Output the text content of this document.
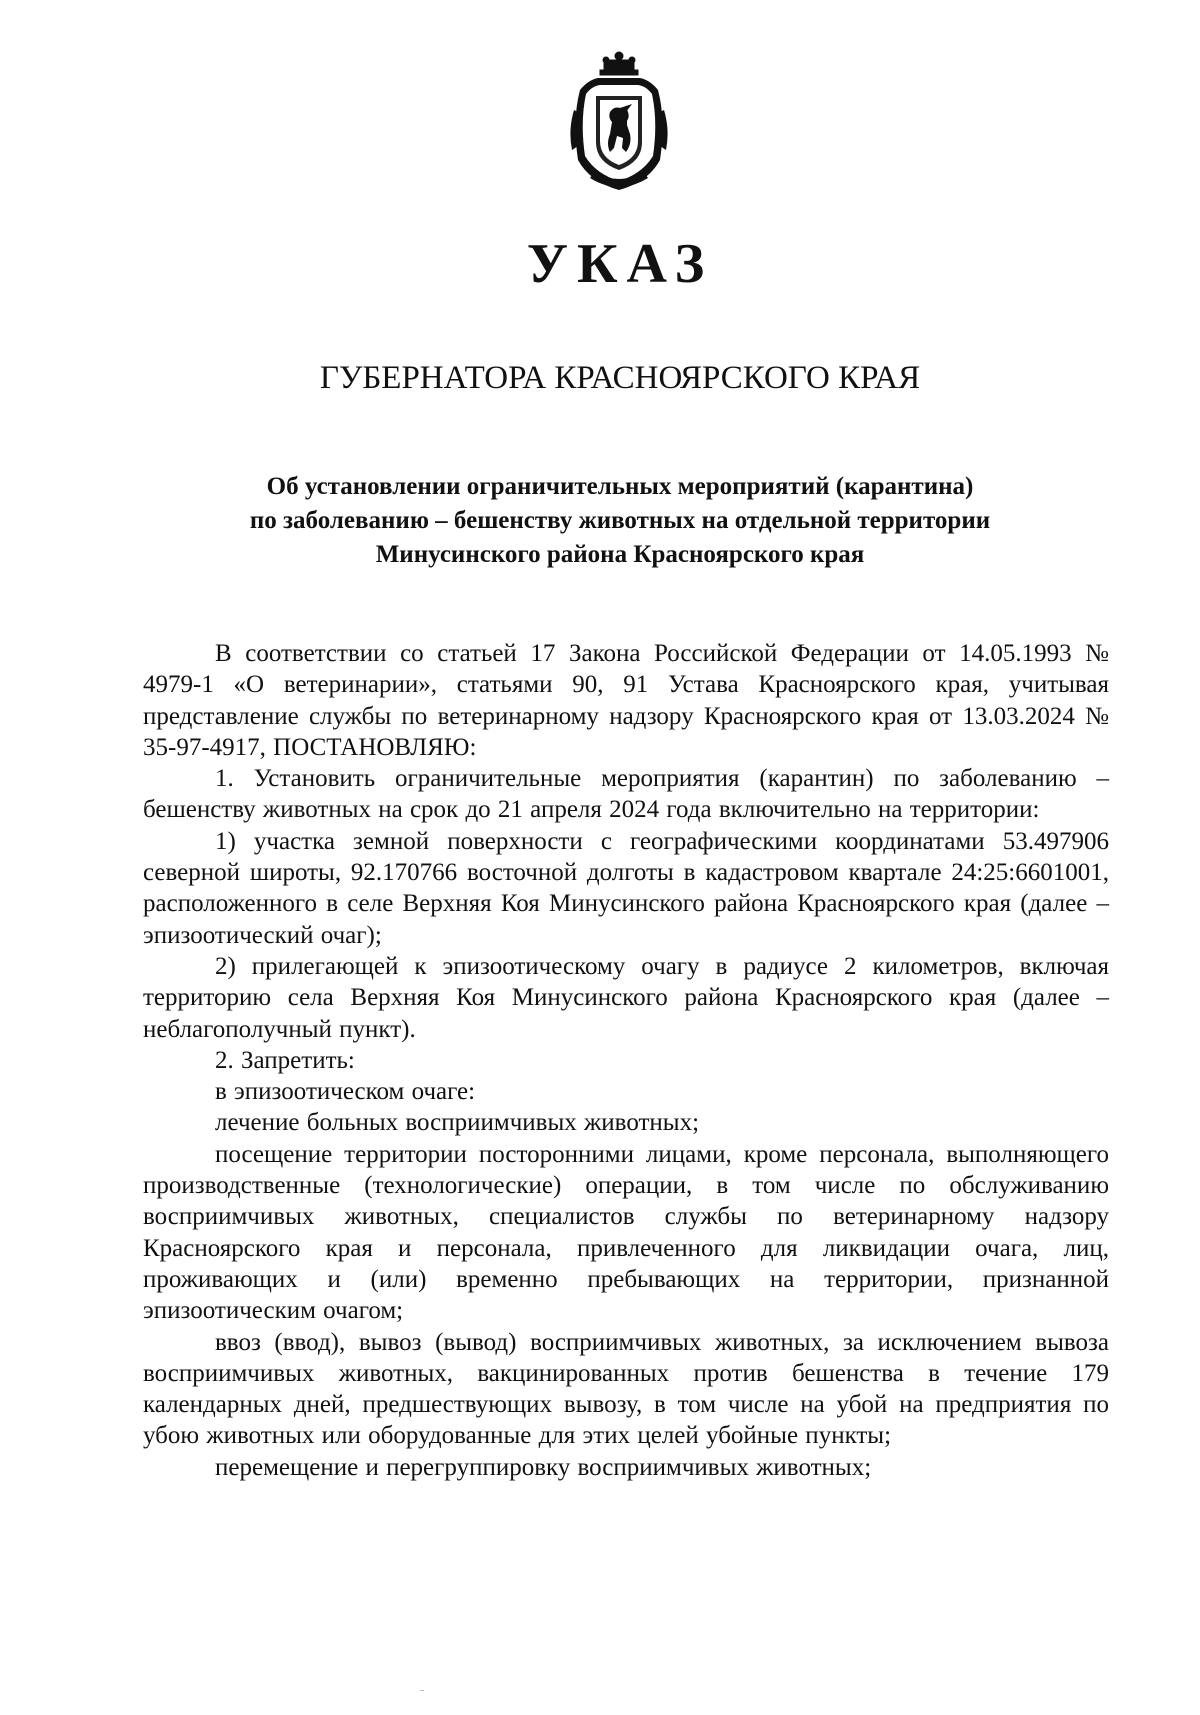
УКАЗ
ГУБЕРНАТОРА КРАСНОЯРСКОГО КРАЯ
Об установлении ограничительных мероприятий (карантина)
по заболеванию – бешенству животных на отдельной территории
Минусинского района Красноярского края

В соответствии со статьей 17 Закона Российской Федерации от 14.05.1993 № 4979-1 «О ветеринарии», статьями 90, 91 Устава Красноярского края, учитывая представление службы по ветеринарному надзору Красноярского края от 13.03.2024 № 35-97-4917, ПОСТАНОВЛЯЮ:

1. Установить ограничительные мероприятия (карантин) по заболеванию – бешенству животных на срок до 21 апреля 2024 года включительно на территории:

1) участка земной поверхности с географическими координатами 53.497906 северной широты, 92.170766 восточной долготы в кадастровом квартале 24:25:6601001, расположенного в селе Верхняя Коя Минусинского района Красноярского края (далее – эпизоотический очаг);

2) прилегающей к эпизоотическому очагу в радиусе 2 километров, включая территорию села Верхняя Коя Минусинского района Красноярского края (далее – неблагополучный пункт).

2. Запретить:

в эпизоотическом очаге:

лечение больных восприимчивых животных;

посещение территории посторонними лицами, кроме персонала, выполняющего производственные (технологические) операции, в том числе по обслуживанию восприимчивых животных, специалистов службы по ветеринарному надзору Красноярского края и персонала, привлеченного для ликвидации очага, лиц, проживающих и (или) временно пребывающих на территории, признанной эпизоотическим очагом;

ввоз (ввод), вывоз (вывод) восприимчивых животных, за исключением вывоза восприимчивых животных, вакцинированных против бешенства в течение 179 календарных дней, предшествующих вывозу, в том числе на убой на предприятия по убою животных или оборудованные для этих целей убойные пункты;

перемещение и перегруппировку восприимчивых животных;
